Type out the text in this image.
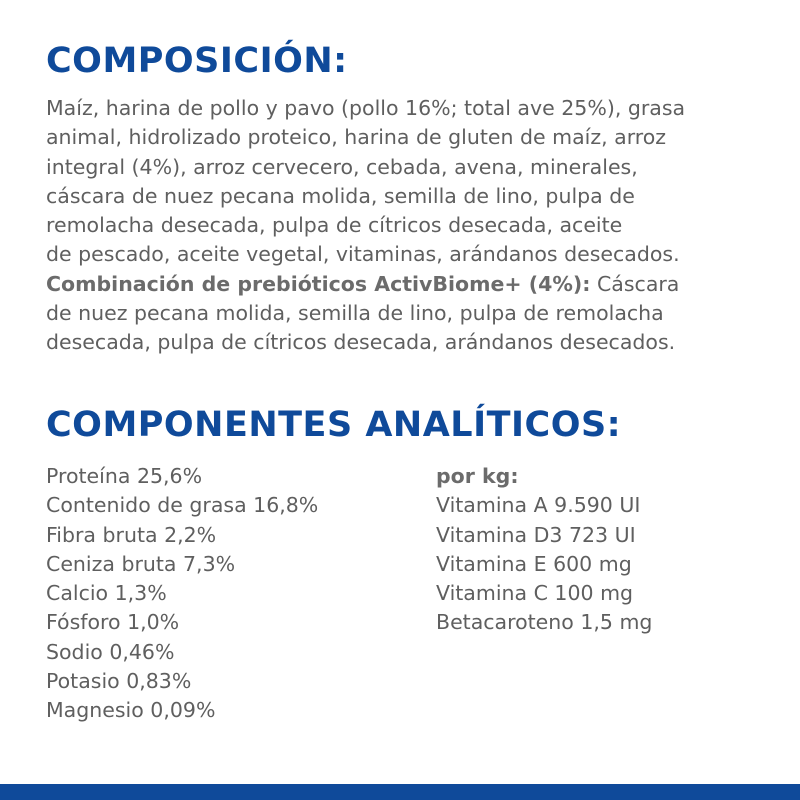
COMPOSICIÓN:

Maíz, harina de pollo y pavo (pollo 16%; total ave 25%), grasa
animal, hidrolizado proteico, harina de gluten de maíz, arroz
integral (4%), arroz cervecero, cebada, avena, minerales,
cáscara de nuez pecana molida, semilla de lino, pulpa de
remolacha desecada, pulpa de cítricos desecada, aceite
de pescado, aceite vegetal, vitaminas, arándanos desecados.
Combinación de prebióticos ActivBiome+ (4%): Cáscara
de nuez pecana molida, semilla de lino, pulpa de remolacha
desecada, pulpa de cítricos desecada, arándanos desecados.

COMPONENTES ANALÍTICOS:
Proteína 25,6%
Contenido de grasa 16,8%
Fibra bruta 2,2%
Ceniza bruta 7,3%
Calcio 1,3%
Fósforo 1,0%
Sodio 0,46%
Potasio 0,83%
Magnesio 0,09%
por kg:
Vitamina A 9.590 UI
Vitamina D3 723 UI
Vitamina E 600 mg
Vitamina C 100 mg
Betacaroteno 1,5 mg
